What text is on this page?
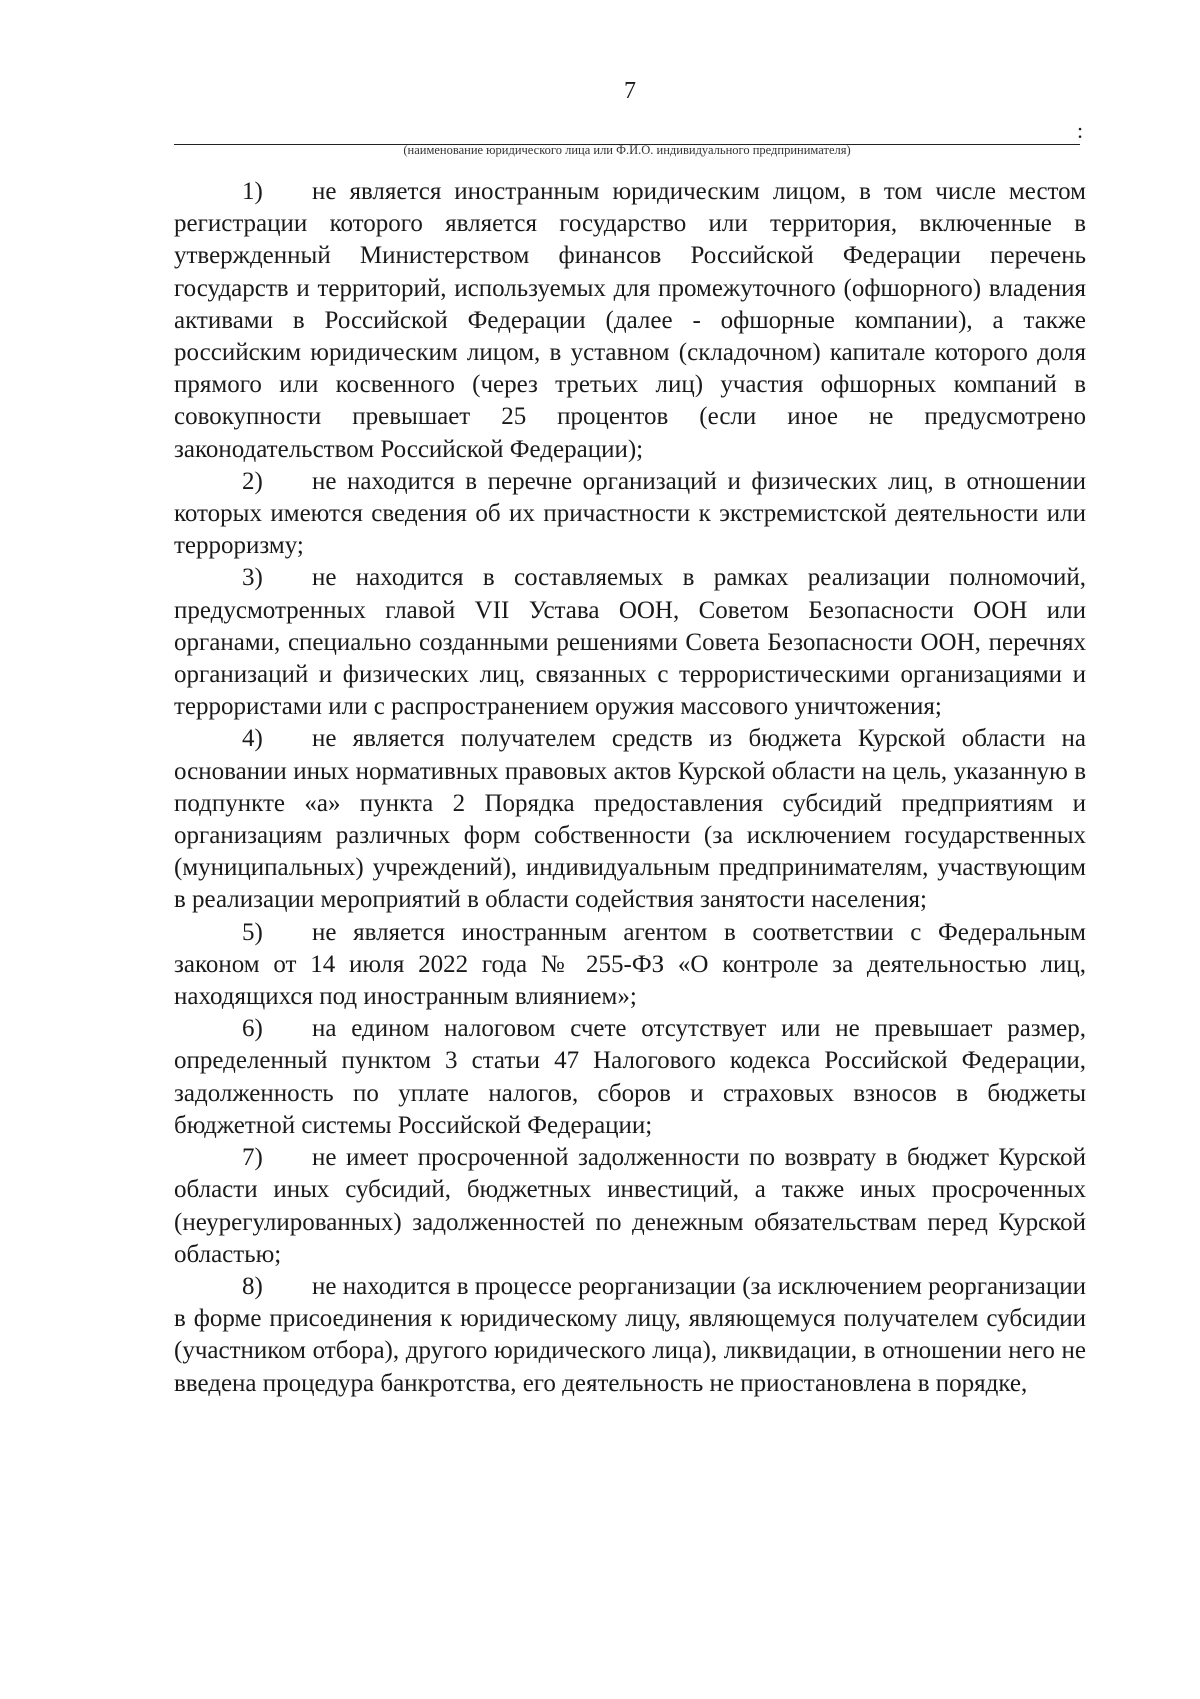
7
:
(наименование юридического лица или Ф.И.О. индивидуального предпринимателя)

1) не является иностранным юридическим лицом, в том числе местом регистрации которого является государство или территория, включенные в утвержденный Министерством финансов Российской Федерации перечень государств и территорий, используемых для промежуточного (офшорного) владения активами в Российской Федерации (далее - офшорные компании), а также российским юридическим лицом, в уставном (складочном) капитале которого доля прямого или косвенного (через третьих лиц) участия офшорных компаний в совокупности превышает 25 процентов (если иное не предусмотрено законодательством Российской Федерации);

2) не находится в перечне организаций и физических лиц, в отношении которых имеются сведения об их причастности к экстремистской деятельности или терроризму;

3) не находится в составляемых в рамках реализации полномочий, предусмотренных главой VII Устава ООН, Советом Безопасности ООН или органами, специально созданными решениями Совета Безопасности ООН, перечнях организаций и физических лиц, связанных с террористическими организациями и террористами или с распространением оружия массового уничтожения;

4) не является получателем средств из бюджета Курской области на основании иных нормативных правовых актов Курской области на цель, указанную в подпункте «а» пункта 2 Порядка предоставления субсидий предприятиям и организациям различных форм собственности (за исключением государственных (муниципальных) учреждений), индивидуальным предпринимателям, участвующим в реализации мероприятий в области содействия занятости населения;

5) не является иностранным агентом в соответствии с Федеральным законом от 14 июля 2022 года № 255-ФЗ «О контроле за деятельностью лиц, находящихся под иностранным влиянием»;

6) на едином налоговом счете отсутствует или не превышает размер, определенный пунктом 3 статьи 47 Налогового кодекса Российской Федерации, задолженность по уплате налогов, сборов и страховых взносов в бюджеты бюджетной системы Российской Федерации;

7) не имеет просроченной задолженности по возврату в бюджет Курской области иных субсидий, бюджетных инвестиций, а также иных просроченных (неурегулированных) задолженностей по денежным обязательствам перед Курской областью;

8) не находится в процессе реорганизации (за исключением реорганизации в форме присоединения к юридическому лицу, являющемуся получателем субсидии (участником отбора), другого юридического лица), ликвидации, в отношении него не введена процедура банкротства, его деятельность не приостановлена в порядке,
